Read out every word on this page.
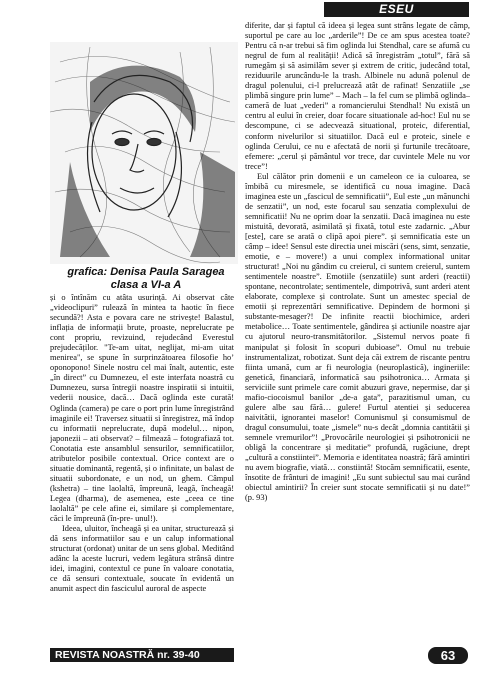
ESEU
grafica: Denisa Paula Saragea
clasa a VI-a A

și o întînăm cu atâta usurință. Ai observat câte „videoclipuri” rulează în mintea ta haotic în fiece secundă?! Asta e povara care ne strivește! Balastul, inflația de informații brute, proaste, neprelucrate pe cont propriu, revizuind, rejudecând Everestul prejudecăților. "Te-am uitat, neglijat, mi-am uitat menirea", se spune în surprinzătoarea filosofie ho’ oponopono! Sinele nostru cel mai înalt, autentic, este „în direct” cu Dumnezeu, el este interfata noastră cu Dumnezeu, sursa întregii noastre inspiratii si intuitii, vederii nousice, dacă… Dacă oglinda este curată! Oglinda (camera) pe care o port prin lume înregistrând imaginile ei! Traversez situatii si înregistrez, mă îndop cu informatii neprelucrate, după modelul… nipon, japonezii – ati observat? – filmează – fotografiază tot. Conotatia este ansamblul sensurilor, semnificatiilor, atributelor posibile contextual. Orice context are o situatie dominantă, regentă, și o infinitate, un balast de situatii subordonate, e un nod, un ghem. Câmpul (kshetra) – tine laolaltă, împreună, leagă, încheagă! Legea (dharma), de asemenea, este „ceea ce tine laolaltă” pe cele afine ei, similare și complementare, căci le împreună (în-pre- unul!).

Ideea, uluitor, încheagă și ea unitar, structurează și dă sens informatiilor sau e un calup informational structurat (ordonat) unitar de un sens global. Meditând adânc la aceste lucruri, vedem legătura strânsă dintre idei, imagini, contextul ce pune în valoare conotatia, ce dă sensuri contextuale, soucate în evidentă un anumit aspect din fasciculul auroral de aspecte

diferite, dar și faptul că ideea și legea sunt strâns legate de câmp, suportul pe care au loc „arderile”! De ce am spus acestea toate? Pentru că n-ar trebui să fim oglinda lui Stendhal, care se afumă cu negrul de fum al realității! Adică să înregistrăm „totul”, fără să rumegăm și să asimilăm sever și extrem de critic, judecând total, reziduurile aruncându-le la trash. Albinele nu adună polenul de dragul polenului, ci-l prelucrează atât de rafinat! Senzatiile „se plimbă singure prin lume” – Mach – la fel cum se plimbă oglinda–cameră de luat „vederi” a romancierului Stendhal! Nu există un centru al eului în creier, doar focare situationale ad-hoc! Eul nu se descompune, ci se adecvează situational, proteic, diferential, conform nivelurilor si situatiilor. Dacă eul e proteic, sinele e oglinda Cerului, ce nu e afectată de norii și furtunile trecătoare, efemere: „cerul și pământul vor trece, dar cuvintele Mele nu vor trece”!

Eul călător prin domenii e un cameleon ce ia culoarea, se îmbibă cu miresmele, se identifică cu noua imagine. Dacă imaginea este un „fascicul de semnificatii”, Eul este „un mănunchi de senzatii”, un nod, este focarul sau senzatia complexului de semnificatii! Nu ne oprim doar la senzatii. Dacă imaginea nu este mistuită, devorată, asimilată și fixată, totul este zadarnic. „Abur [este], care se arată o clipă apoi piere”. și semnificatia este un câmp – idee! Sensul este directia unei miscări (sens, simt, senzatie, emotie, e – movere!) a unui complex informational unitar structurat! „Noi nu gândim cu creierul, ci suntem creierul, suntem sentimentele noastre”. Emotiile (senzatiile) sunt arderi (reactii) spontane, necontrolate; sentimentele, dimpotrivă, sunt arderi atent elaborate, complexe și controlate. Sunt un amestec special de emotii și reprezentări semnificative. Depindem de hormoni și substante-mesager?! De infinite reactii biochimice, arderi metabolice… Toate sentimentele, gândirea și actiunile noastre ajar cu ajutorul neuro-transmitătorilor. „Sistemul nervos poate fi manipulat și folosit în scopuri dubioase”. Omul nu trebuie instrumentalizat, robotizat. Sunt deja căi extrem de riscante pentru fiinta umană, cum ar fi neurologia (neuroplastică), ingineriile: genetică, financiară, informatică sau psihotronica… Armata și serviciile sunt primele care comit abuzuri grave, nepermise, dar și mafio-ciocoismul banilor „de-a gata”, parazitismul uman, cu gulere albe sau fără… gulere! Furtul atentiei și seducerea naivitătii, ignorantei maselor! Comunismul și consumismul de dragul consumului, toate „ismele” nu-s decât „domnia cantitătii și semnele vremurilor”! „Provocările neurologiei și psihotronicii ne obligă la concentrare și meditatie” profundă, rugăciune, drept „cultură a constiintei”. Memoria e identitatea noastră; fără amintiri nu avem biografie, viată… constiintă! Stocăm semnificatii, esente, însotite de frânturi de imagini! „Eu sunt subiectul sau mai curând obiectul amintirii? În creier sunt stocate semnificatii și nu date!” (p. 93)

REVISTA NOASTRĂ nr. 39-40	63
